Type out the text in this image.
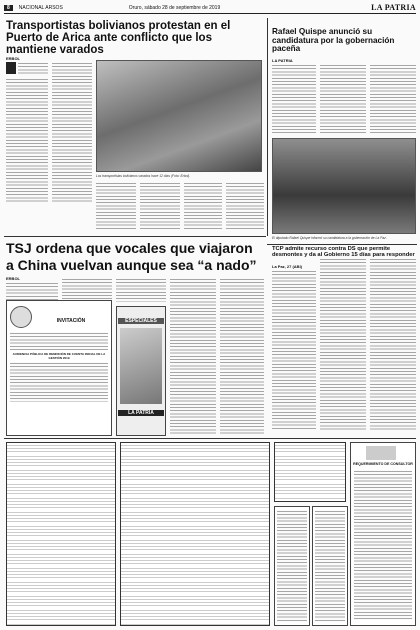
8	NACIONAL ARSOS	Oruro, sábado 28 de septiembre de 2019	LA PATRIA
Transportistas bolivianos protestan en el Puerto de Arica ante conflicto que los mantiene varados
ERBOL
Los transportistas bolivianos varados hace 12 días (Foto: Erbol).
Rafael Quispe anunció su candidatura por la gobernación paceña
LA PATRIA
El diputado Rafael Quispe informó su candidatura a la gobernación de La Paz.
TSJ ordena que vocales que viajaron a China vuelvan aunque sea “a nado”
ERBOL
INVITACIÓN
AUDIENCIA PÚBLICA DE RENDICIÓN DE CUENTA INICIAL DE LA GESTIÓN 2019
ESPECIALES
LA PATRIA
TCP admite recurso contra DS que permite desmontes y da al Gobierno 15 días para responder
La Paz, 27 (ABI)
REQUERIMIENTO DE CONSULTOR
